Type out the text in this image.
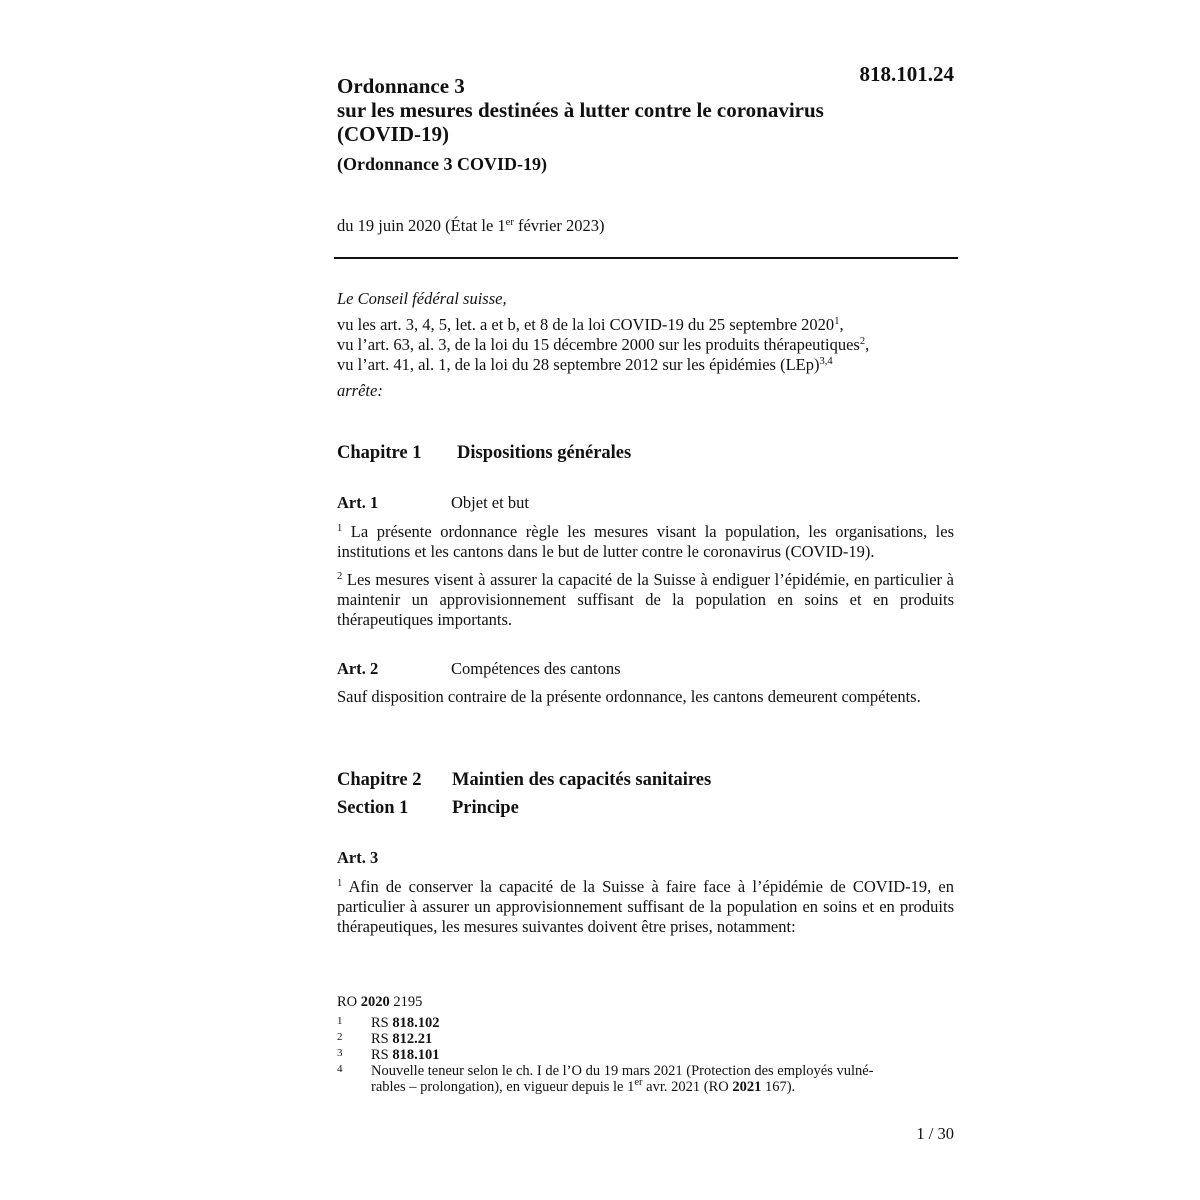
818.101.24
Ordonnance 3
sur les mesures destinées à lutter contre le coronavirus
(COVID-19)
(Ordonnance 3 COVID-19)
du 19 juin 2020 (État le 1er février 2023)
Le Conseil fédéral suisse,
vu les art. 3, 4, 5, let. a et b, et 8 de la loi COVID-19 du 25 septembre 2020$^1$,
vu l’art. 63, al. 3, de la loi du 15 décembre 2000 sur les produits thérapeutiques$^2$,
vu l’art. 41, al. 1, de la loi du 28 septembre 2012 sur les épidémies (LEp)$^{3,4}$
arrête:
Chapitre 1 Dispositions générales
Art. 1	Objet et but
$^1$ La présente ordonnance règle les mesures visant la population, les organisations, les institutions et les cantons dans le but de lutter contre le coronavirus (COVID-19).
$^2$ Les mesures visent à assurer la capacité de la Suisse à endiguer l’épidémie, en particulier à maintenir un approvisionnement suffisant de la population en soins et en produits thérapeutiques importants.
Art. 2	Compétences des cantons
Sauf disposition contraire de la présente ordonnance, les cantons demeurent compétents.
Chapitre 2 Maintien des capacités sanitaires
Section 1 Principe
Art. 3
$^1$ Afin de conserver la capacité de la Suisse à faire face à l’épidémie de COVID-19, en particulier à assurer un approvisionnement suffisant de la population en soins et en produits thérapeutiques, les mesures suivantes doivent être prises, notamment:
RO 2020 2195
1 RS 818.102
2 RS 812.21
3 RS 818.101
4 Nouvelle teneur selon le ch. I de l’O du 19 mars 2021 (Protection des employés vulné-
rables – prolongation), en vigueur depuis le 1er avr. 2021 (RO 2021 167).
1 / 30
